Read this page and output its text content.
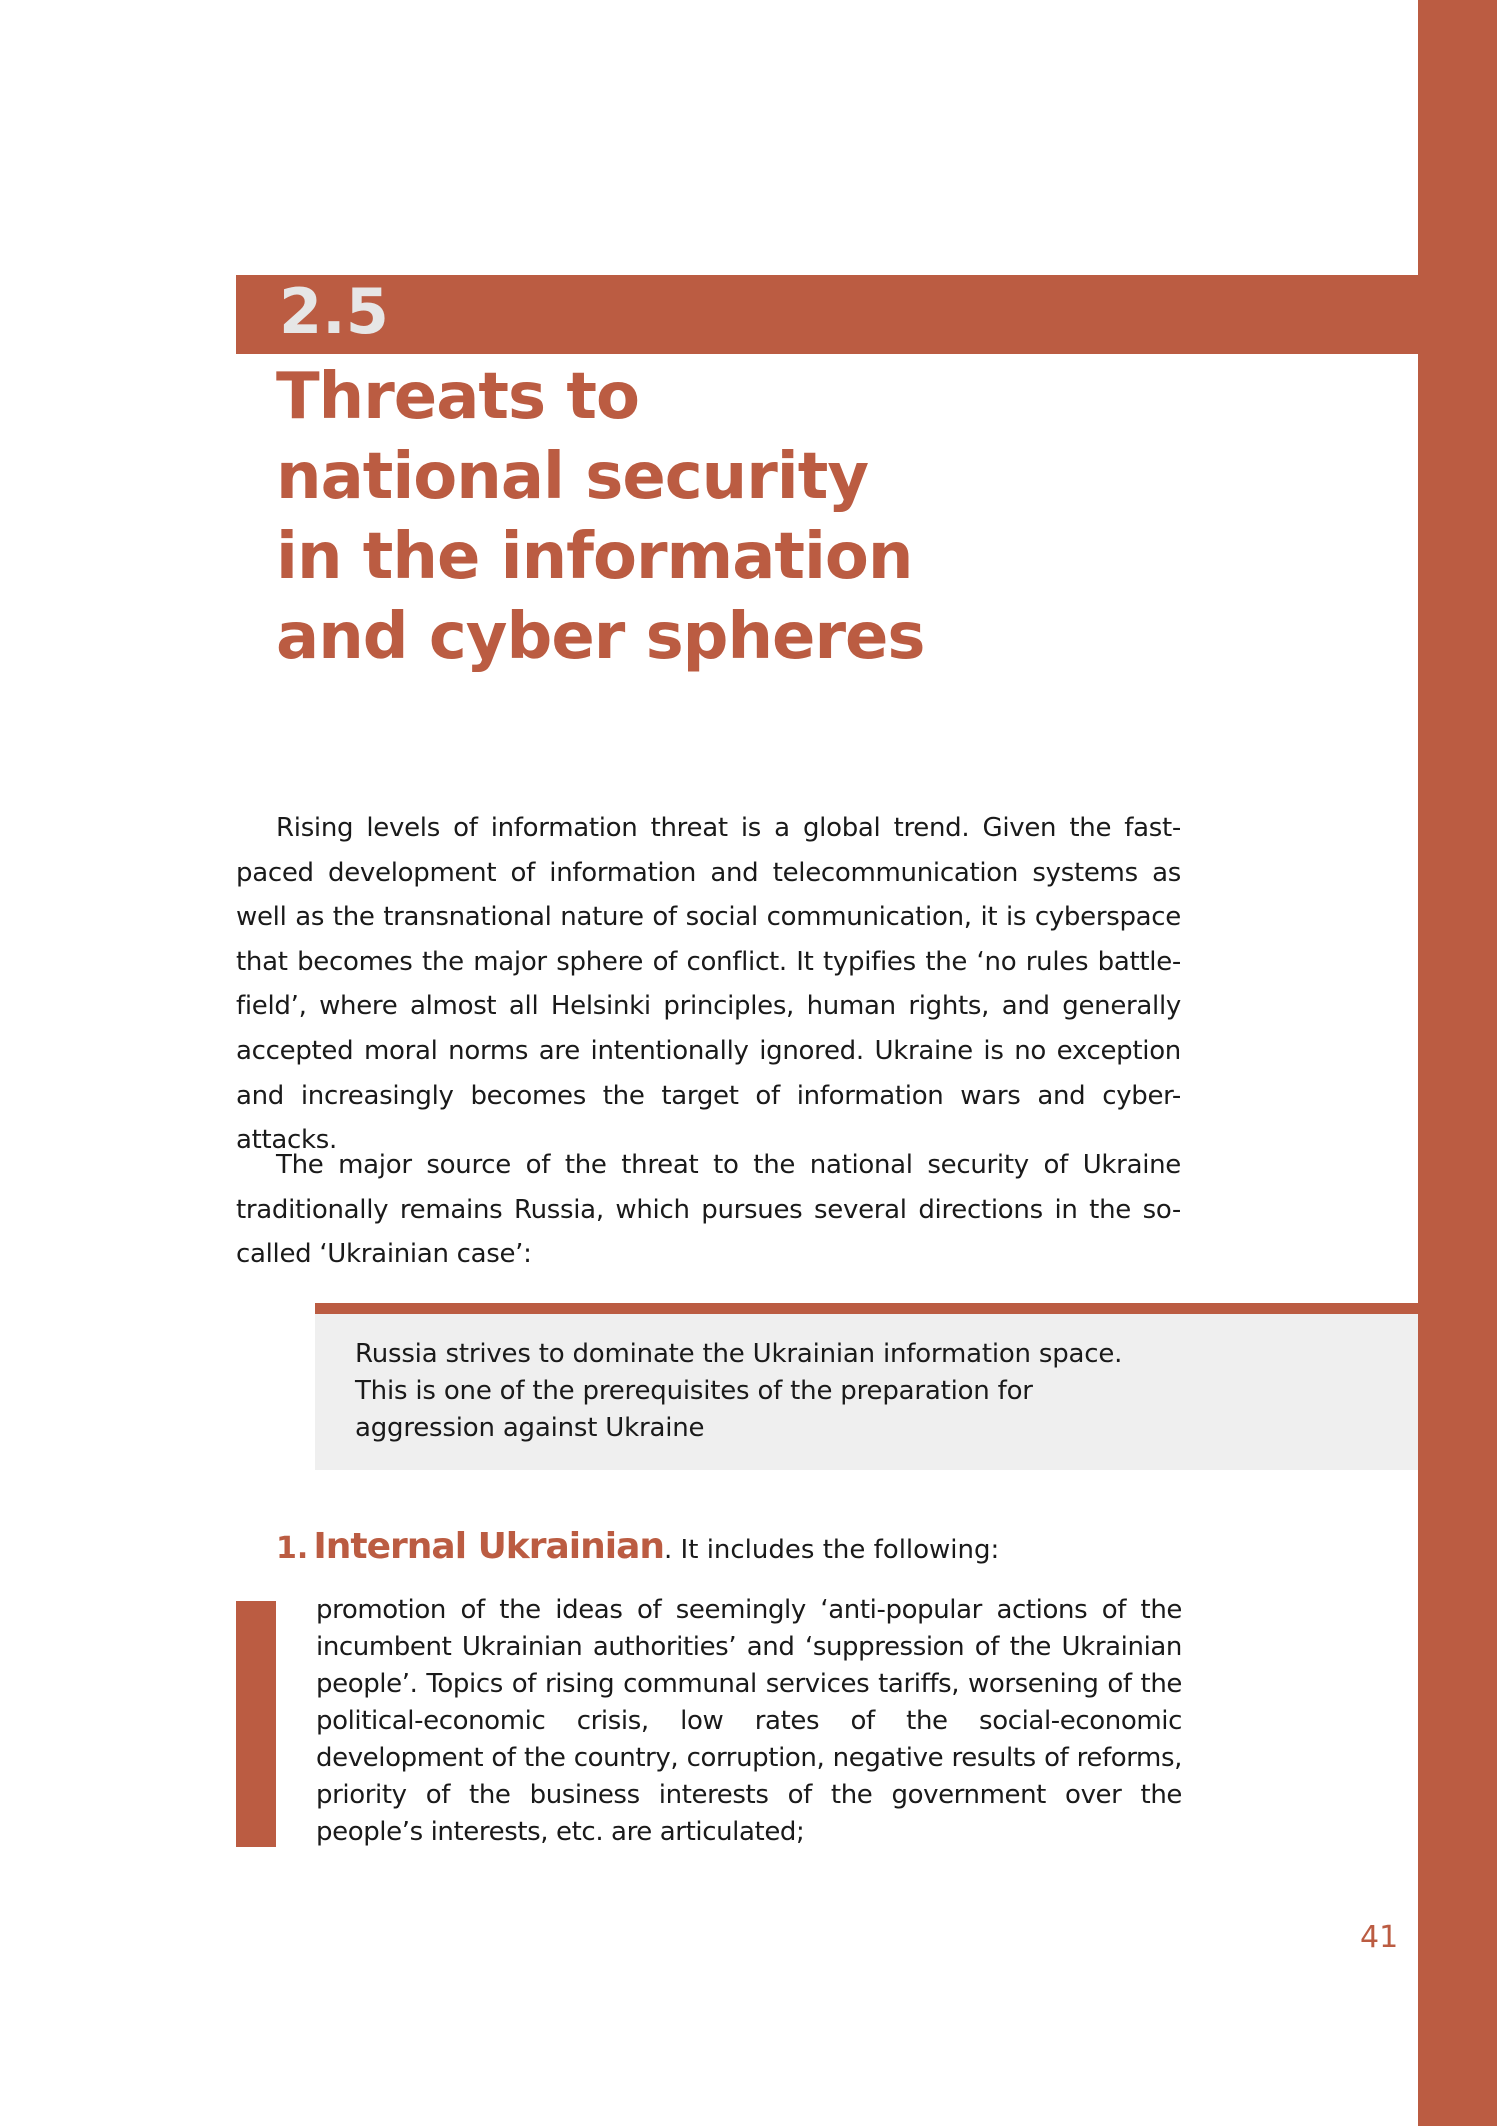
2.5
Threats to
national security
in the information
and cyber spheres

Rising levels of information threat is a global trend. Given the fast-paced development of information and telecommunication systems as well as the transnational nature of social communication, it is cyberspace that becomes the major sphere of conflict. It typifies the ‘no rules battle-field’, where almost all Helsinki principles, human rights, and generally accepted moral norms are intentionally ignored. Ukraine is no exception and increasingly becomes the target of information wars and cyber-attacks.

The major source of the threat to the national security of Ukraine traditionally remains Russia, which pursues several directions in the so-called ‘Ukrainian case’:

Russia strives to dominate the Ukrainian information space. This is one of the prerequisites of the preparation for aggression against Ukraine

1. Internal Ukrainian. It includes the following:

promotion of the ideas of seemingly ‘anti-popular actions of the incumbent Ukrainian authorities’ and ‘suppression of the Ukrainian people’. Topics of rising communal services tariffs, worsening of the political-economic crisis, low rates of the social-economic development of the country, corruption, negative results of reforms, priority of the business interests of the government over the people’s interests, etc. are articulated;

41
